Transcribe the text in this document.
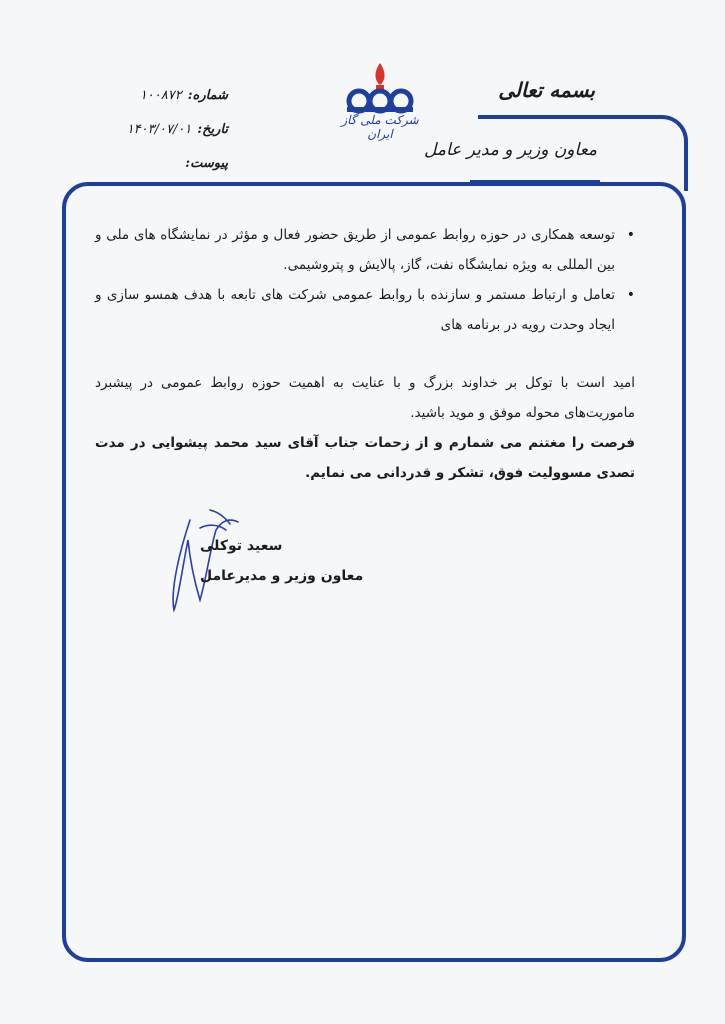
بسمه تعالی
معاون وزیر و مدیر عامل
شماره:
۱۰۰۸۷۲
تاریخ:
۱۴۰۳/۰۷/۰۱
پیوست:
شرکت ملی گاز ایران
• توسعه همکاری در حوزه روابط عمومی از طریق حضور فعال و مؤثر در نمایشگاه های ملی و بین المللی به ویژه نمایشگاه نفت، گاز، پالایش و پتروشیمی.
• تعامل و ارتباط مستمر و سازنده با روابط عمومی شرکت های تابعه با هدف همسو سازی و ایجاد وحدت رویه در برنامه های
امید است با توکل بر خداوند بزرگ و با عنایت به اهمیت حوزه روابط عمومی در پیشبرد ماموریت‌های محوله موفق و موید باشید.
فرصت را مغتنم می شمارم و از زحمات جناب آقای سید محمد پیشوایی در مدت تصدی مسوولیت فوق، تشکر و قدردانی می نمایم.
سعید توکلی
معاون وزیر و مدیرعامل
